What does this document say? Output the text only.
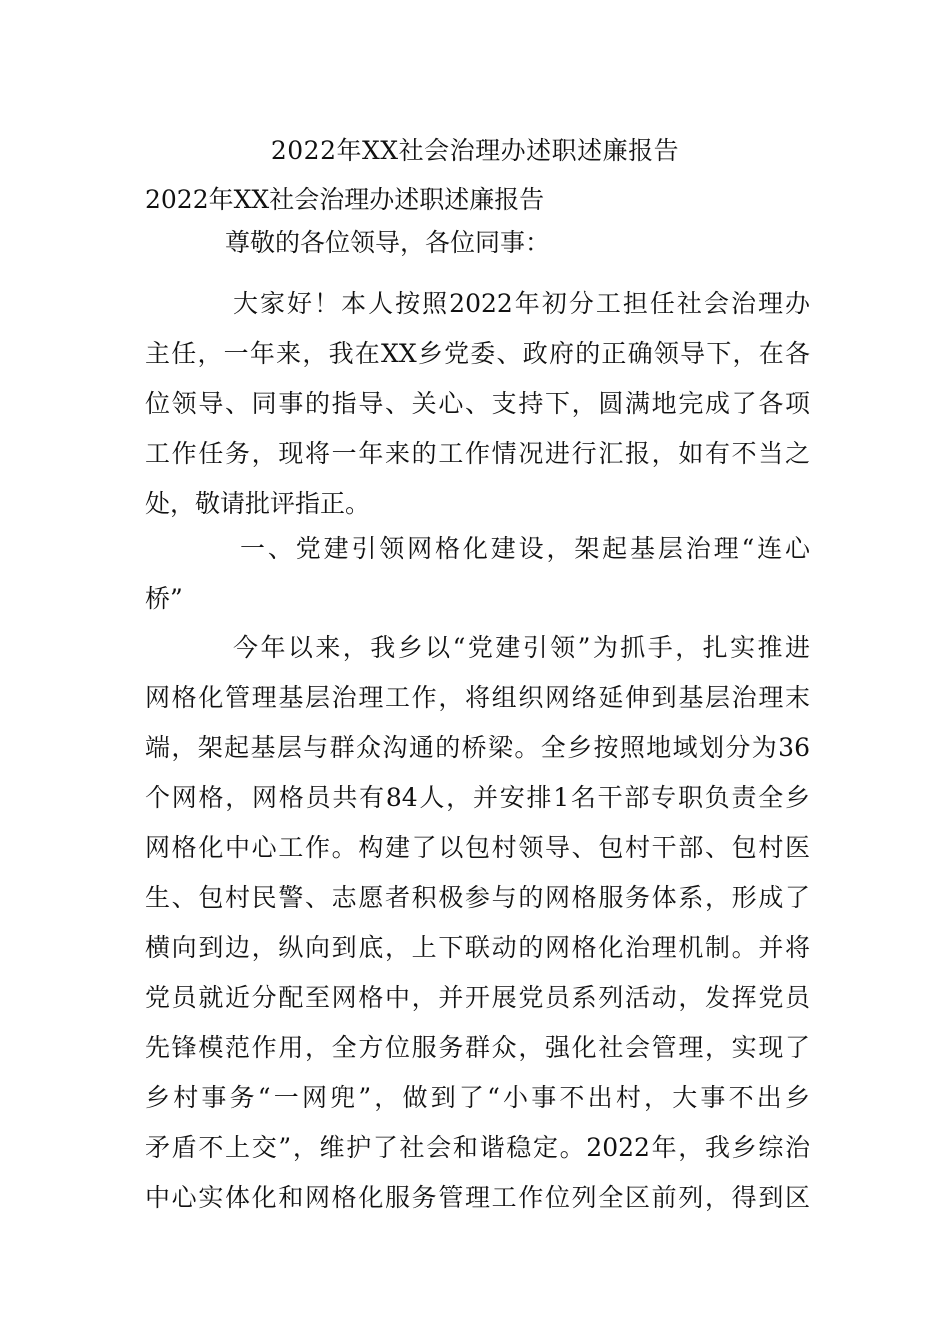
2022年XX社会治理办述职述廉报告
2022年XX社会治理办述职述廉报告
尊敬的各位领导，各位同事：
大家好！本人按照2022年初分工担任社会治理办
主任，一年来，我在XX乡党委、政府的正确领导下，在各
位领导、同事的指导、关心、支持下，圆满地完成了各项
工作任务，现将一年来的工作情况进行汇报，如有不当之
处，敬请批评指正。
一、党建引领网格化建设，架起基层治理“连心
桥”
今年以来，我乡以“党建引领”为抓手，扎实推进
网格化管理基层治理工作，将组织网络延伸到基层治理末
端，架起基层与群众沟通的桥梁。全乡按照地域划分为36
个网格，网格员共有84人，并安排1名干部专职负责全乡
网格化中心工作。构建了以包村领导、包村干部、包村医
生、包村民警、志愿者积极参与的网格服务体系，形成了
横向到边，纵向到底，上下联动的网格化治理机制。并将
党员就近分配至网格中，并开展党员系列活动，发挥党员
先锋模范作用，全方位服务群众，强化社会管理，实现了
乡村事务“一网兜”，做到了“小事不出村，大事不出乡
矛盾不上交”，维护了社会和谐稳定。2022年，我乡综治
中心实体化和网格化服务管理工作位列全区前列，得到区
